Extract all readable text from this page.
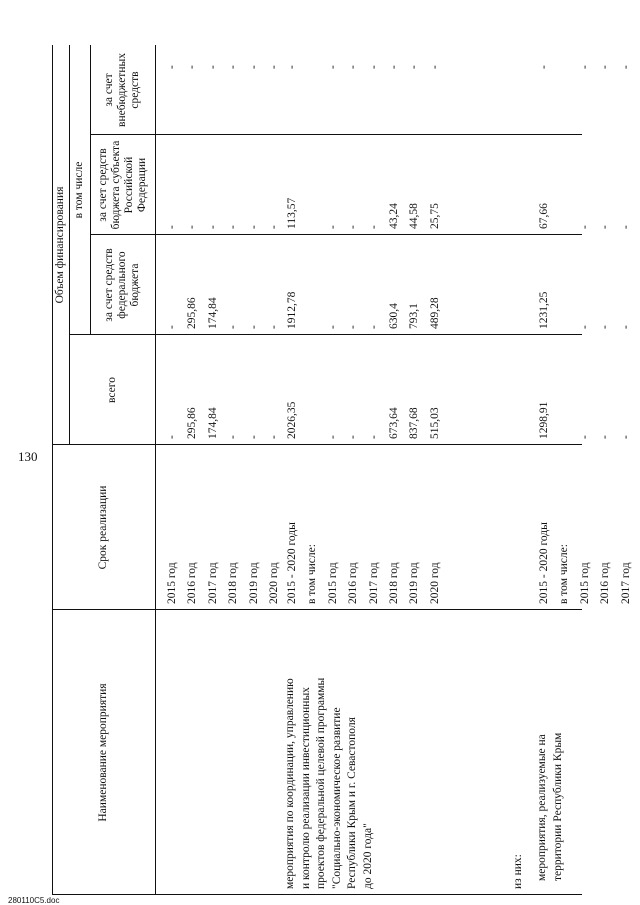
130
280110C5.doc
Наименование мероприятия
Срок реализации
Объем финансирования
всего
в том числе
за счет средств федерального бюджета
за счет средств бюджета субъекта Российской Федерации
за счет внебюджетных средств
мероприятия по координации, управлению и контролю реализации инвестиционных проектов федеральной целевой программы "Социально-экономическое развитие Республики Крым и г. Севастополя до 2020 года"	из них: мероприятия, реализуемые на территории Республики Крым
2015 год
-
-
-
-
2016 год
295,86
295,86
-
-
2017 год
174,84
174,84
-
-
2018 год
-
-
-
-
2019 год
-
-
-
-
2020 год
-
-
-
-
2015 - 2020 годы
2026,35
1912,78
113,57
-
в том числе: 2015 год
-
-
-
-
2016 год
-
-
-
-
2017 год
-
-
-
-
2018 год
673,64
630,4
43,24
-
2019 год
837,68
793,1
44,58
-
2020 год
515,03
489,28
25,75
-
2015 - 2020 годы
1298,91
1231,25
67,66
-
в том числе: 2015 год
-
-
-
-
2016 год
-
-
-
-
2017 год
-
-
-
-
